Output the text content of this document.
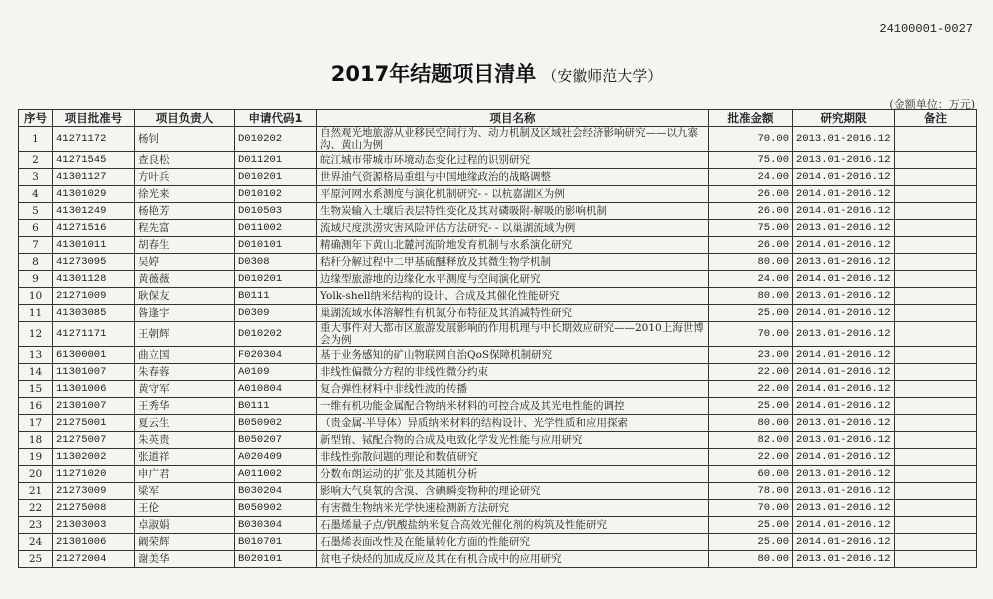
24100001-0027
2017年结题项目清单 （安徽师范大学）
(金额单位：万元)
序号	项目批准号	项目负责人	申请代码1	项目名称	批准金额	研究期限	备注
1	41271172	杨钊	D010202	自然观光地旅游从业移民空间行为、动力机制及区域社会经济影响研究——以九寨沟、黄山为例	70.00	2013.01-2016.12	
2	41271545	查良松	D011201	皖江城市带城市环境动态变化过程的识别研究	75.00	2013.01-2016.12	
3	41301127	方叶兵	D010201	世界油气资源格局重组与中国地缘政治的战略调整	24.00	2014.01-2016.12	
4	41301029	徐光来	D010102	平原河网水系测度与演化机制研究- - 以杭嘉湖区为例	26.00	2014.01-2016.12	
5	41301249	杨艳芳	D010503	生物炭输入土壤后表层特性变化及其对磷吸附-解吸的影响机制	26.00	2014.01-2016.12	
6	41271516	程先富	D011002	流域尺度洪涝灾害风险评估方法研究- - 以巢湖流域为例	75.00	2013.01-2016.12	
7	41301011	胡春生	D010101	精确测年下黄山北麓河流阶地发育机制与水系演化研究	26.00	2014.01-2016.12	
8	41273095	吴婷	D0308	秸秆分解过程中二甲基硫醚释放及其微生物学机制	80.00	2013.01-2016.12	
9	41301128	黄薇薇	D010201	边缘型旅游地的边缘化水平测度与空间演化研究	24.00	2014.01-2016.12	
10	21271009	耿保友	B0111	Yolk-shell纳米结构的设计、合成及其催化性能研究	80.00	2013.01-2016.12	
11	41303085	昝逢宇	D0309	巢湖流域水体溶解性有机氮分布特征及其消减特性研究	25.00	2014.01-2016.12	
12	41271171	王朝辉	D010202	重大事件对大都市区旅游发展影响的作用机理与中长期效应研究——2010上海世博会为例	70.00	2013.01-2016.12	
13	61300001	曲立国	F020304	基于业务感知的矿山物联网自治QoS保障机制研究	23.00	2014.01-2016.12	
14	11301007	朱春蓉	A0109	非线性偏微分方程的非线性微分约束	22.00	2014.01-2016.12	
15	11301006	黄守军	A010804	复合弹性材料中非线性波的传播	22.00	2014.01-2016.12	
16	21301007	王秀华	B0111	一维有机功能金属配合物纳米材料的可控合成及其光电性能的调控	25.00	2014.01-2016.12	
17	21275001	夏云生	B050902	（贵金属-半导体）异质纳米材料的结构设计、光学性质和应用探索	80.00	2013.01-2016.12	
18	21275007	朱英贵	B050207	新型铕、铽配合物的合成及电致化学发光性能与应用研究	82.00	2013.01-2016.12	
19	11302002	张道祥	A020409	非线性弥散问题的理论和数值研究	22.00	2014.01-2016.12	
20	11271020	申广君	A011002	分数布朗运动的扩张及其随机分析	60.00	2013.01-2016.12	
21	21273009	梁军	B030204	影响大气臭氧的含溴、含碘瞬变物种的理论研究	78.00	2013.01-2016.12	
22	21275008	王伦	B050902	有害微生物纳米光学快速检测新方法研究	70.00	2013.01-2016.12	
23	21303003	卓淑娟	B030304	石墨烯量子点/钒酸盐纳米复合高效光催化剂的构筑及性能研究	25.00	2014.01-2016.12	
24	21301006	阚荣辉	B010701	石墨烯表面改性及在能量转化方面的性能研究	25.00	2014.01-2016.12	
25	21272004	谢美华	B020101	贫电子炔烃的加成反应及其在有机合成中的应用研究	80.00	2013.01-2016.12	
